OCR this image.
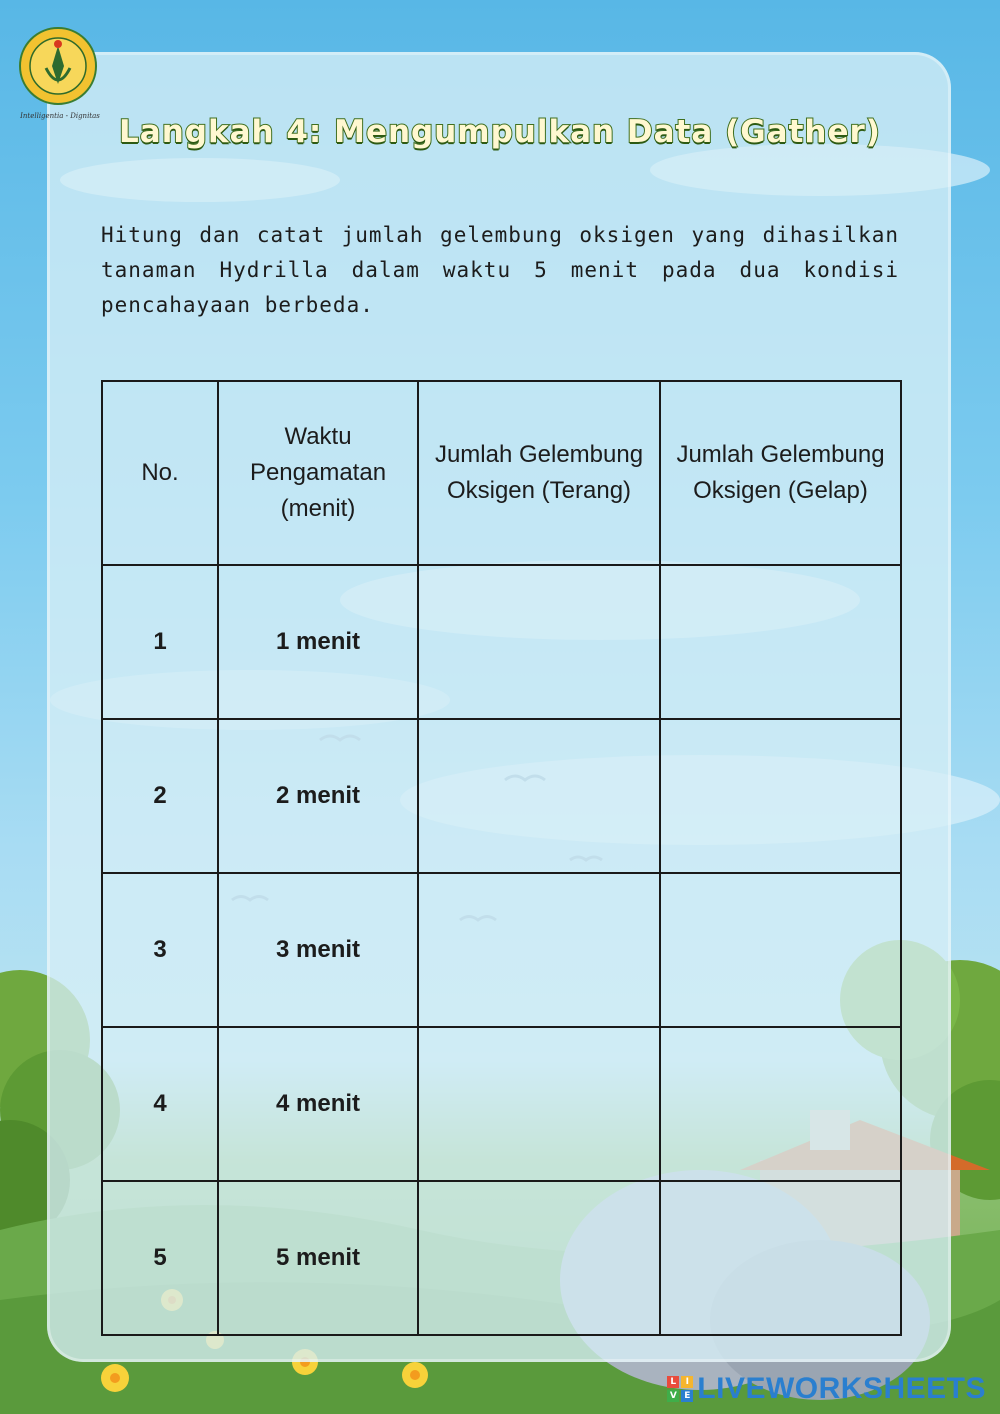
Intelligentia - Dignitas Langkah 4: Mengumpulkan Data (Gather)
Hitung dan catat jumlah gelembung oksigen yang dihasilkan tanaman Hydrilla dalam waktu 5 menit pada dua kondisi pencahayaan berbeda.
No.	Waktu Pengamatan (menit)	Jumlah Gelembung Oksigen (Terang)	Jumlah Gelembung Oksigen (Gelap)
1	1 menit		
2	2 menit		
3	3 menit		
4	4 menit		
5	5 menit		
L	I
V E LIVEWORKSHEETS
